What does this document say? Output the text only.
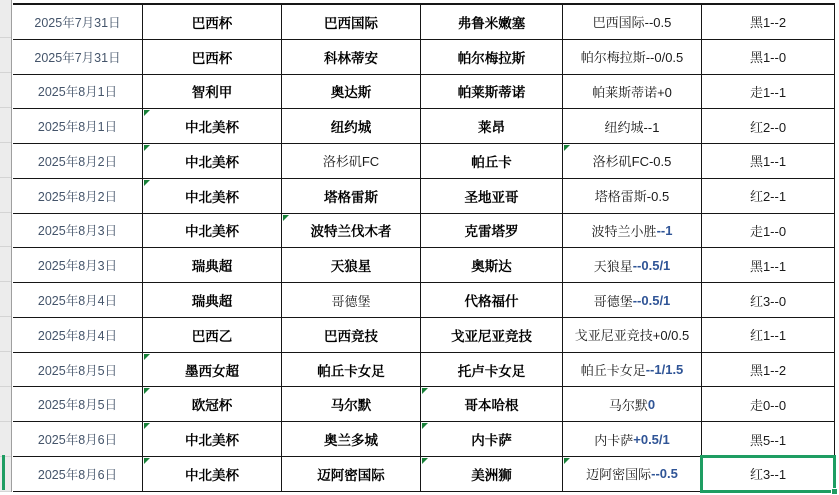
2025年7月31日	巴西杯	巴西国际	弗鲁米嫩塞	巴西国际--0.5	黑1--2
2025年7月31日	巴西杯	科林蒂安	帕尔梅拉斯	帕尔梅拉斯--0/0.5	黑1--0
2025年8月1日	智利甲	奥达斯	帕莱斯蒂诺	帕莱斯蒂诺+0	走1--1
2025年8月1日	中北美杯	纽约城	莱昂	纽约城--1	红2--0
2025年8月2日	中北美杯	洛杉矶FC	帕丘卡	洛杉矶FC-0.5	黑1--1
2025年8月2日	中北美杯	塔格雷斯	圣地亚哥	塔格雷斯-0.5	红2--1
2025年8月3日	中北美杯	波特兰伐木者	克雷塔罗	波特兰小胜 --1	走1--0
2025年8月3日	瑞典超	天狼星	奥斯达	天狼星 --0.5/1	黑1--1
2025年8月4日	瑞典超	哥德堡	代格福什	哥德堡 --0.5/1	红3--0
2025年8月4日	巴西乙	巴西竞技	戈亚尼亚竞技	戈亚尼亚竞技+0/0.5	红1--1
2025年8月5日	墨西女超	帕丘卡女足	托卢卡女足	帕丘卡女足 --1/1.5	黑1--2
2025年8月5日	欧冠杯	马尔默	哥本哈根	马尔默 0	走0--0
2025年8月6日	中北美杯	奥兰多城	内卡萨	内卡萨 +0.5/1	黑5--1
2025年8月6日	中北美杯	迈阿密国际	美洲狮	迈阿密国际 --0.5	红3--1
